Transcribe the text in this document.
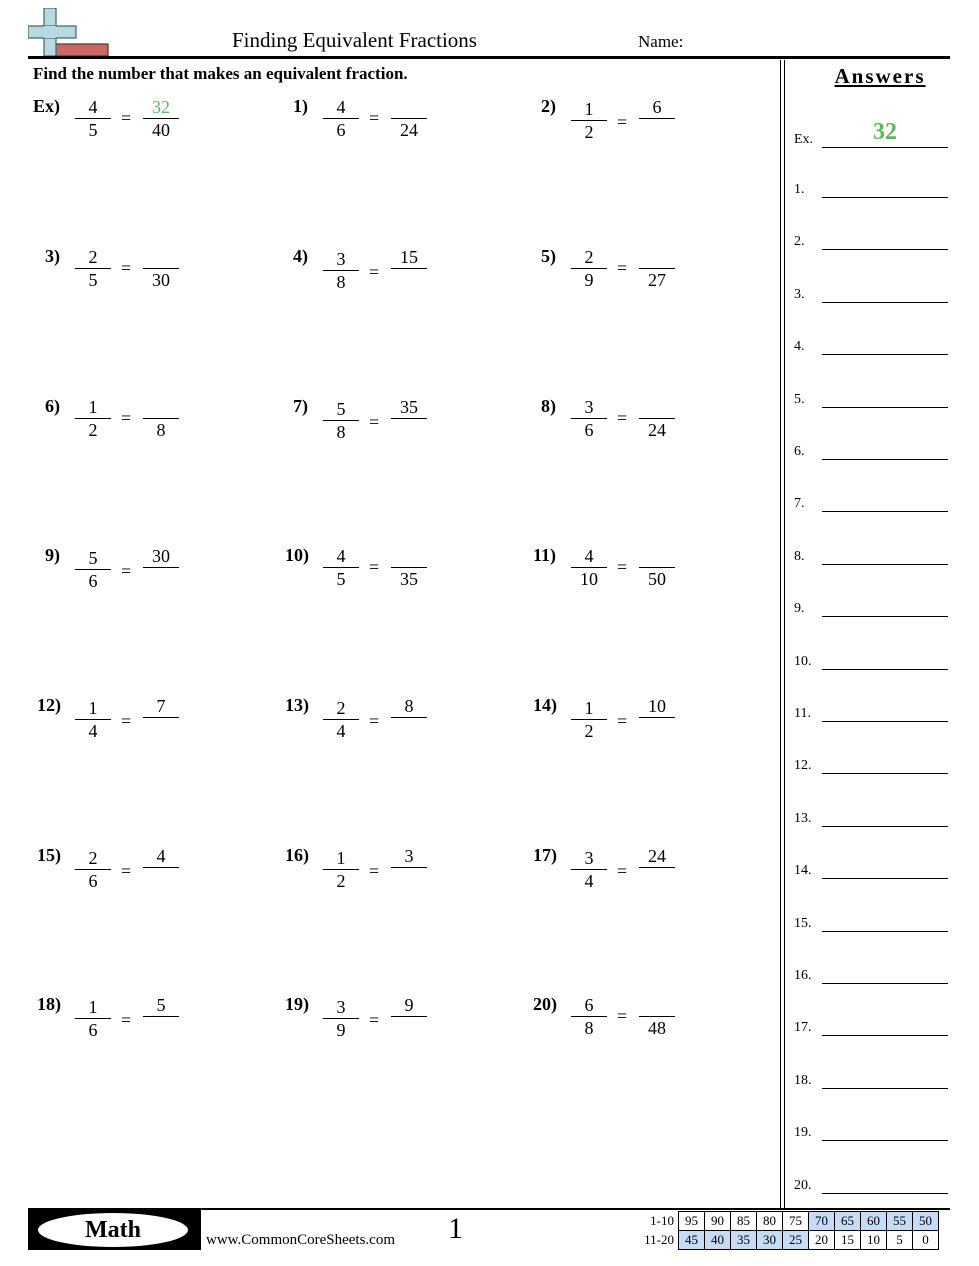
Finding Equivalent Fractions	Name:
Find the number that makes an equivalent fraction.
Ex)	4
5
=
32
40
1)	4
6
=
24
2)	1
2	=
6
3)	2
5
=
30
4)	3
8	=
15	5)	2
9
=
27
6)	1
2
=
8
7)	5
8	=
35	8)	3
6
=
24
9)	5
6	=
30	10)	4
5
=
35
11)	4
10
=
50
12)	1
4	=
7	13)	2
4	=
8	14)	1
2	=
10
15)	2
6	=
4	16)	1
2	=
3	17)	3
4	=
24
18)	1
6	=
5	19)	3
9	=
9	20)	6
8
=
48
Answers
Ex.	32
1.
2.
3.
4.
5.
6.
7.
8.
9.
10.
11.
12.
13.
14.
15.
16.
17.
18.
19.
20.
Math	www.CommonCoreSheets.com 1	1-10	95	90	85	80	75	70	65	60	55	50
11-20	45	40	35	30	25	20	15	10	5	0
